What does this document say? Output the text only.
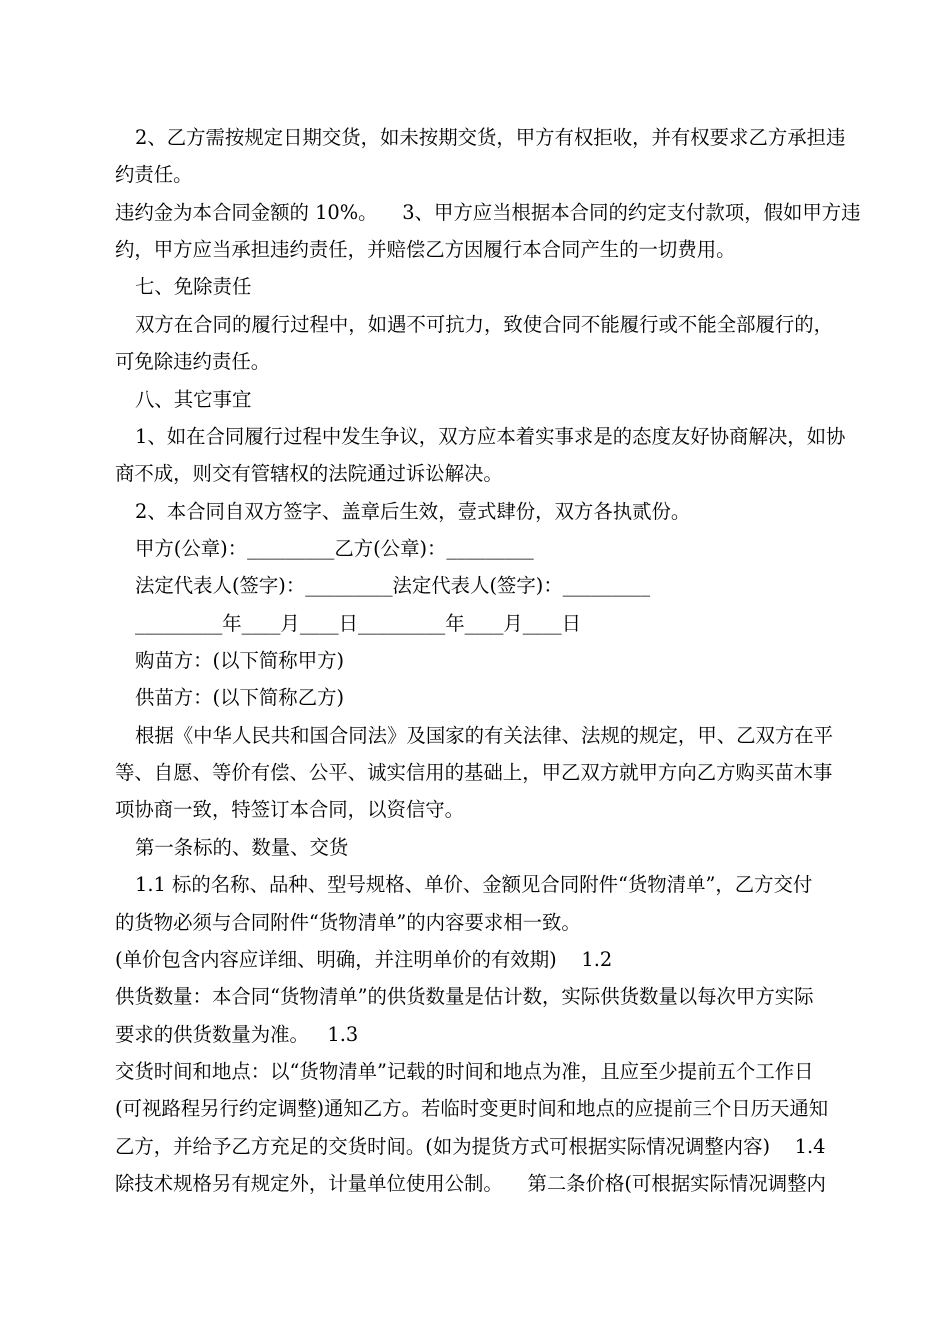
2、乙方需按规定日期交货，如未按期交货，甲方有权拒收，并有权要求乙方承担违
约责任。
违约金为本合同金额的 10%。    3、甲方应当根据本合同的约定支付款项，假如甲方违
约，甲方应当承担违约责任，并赔偿乙方因履行本合同产生的一切费用。
七、免除责任
双方在合同的履行过程中，如遇不可抗力，致使合同不能履行或不能全部履行的，
可免除违约责任。
八、其它事宜
1、如在合同履行过程中发生争议，双方应本着实事求是的态度友好协商解决，如协
商不成，则交有管辖权的法院通过诉讼解决。
2、本合同自双方签字、盖章后生效，壹式肆份，双方各执贰份。
甲方(公章)：_________乙方(公章)：_________
法定代表人(签字)：_________法定代表人(签字)：_________
_________年____月____日_________年____月____日
购苗方：(以下简称甲方)
供苗方：(以下简称乙方)
根据《中华人民共和国合同法》及国家的有关法律、法规的规定，甲、乙双方在平
等、自愿、等价有偿、公平、诚实信用的基础上，甲乙双方就甲方向乙方购买苗木事
项协商一致，特签订本合同，以资信守。
第一条标的、数量、交货
1.1 标的名称、品种、型号规格、单价、金额见合同附件“货物清单”，乙方交付
的货物必须与合同附件“货物清单”的内容要求相一致。
(单价包含内容应详细、明确，并注明单价的有效期)    1.2
供货数量：本合同“货物清单”的供货数量是估计数，实际供货数量以每次甲方实际
要求的供货数量为准。   1.3
交货时间和地点：以“货物清单”记载的时间和地点为准，且应至少提前五个工作日
(可视路程另行约定调整)通知乙方。若临时变更时间和地点的应提前三个日历天通知
乙方，并给予乙方充足的交货时间。(如为提货方式可根据实际情况调整内容)    1.4
除技术规格另有规定外，计量单位使用公制。    第二条价格(可根据实际情况调整内
